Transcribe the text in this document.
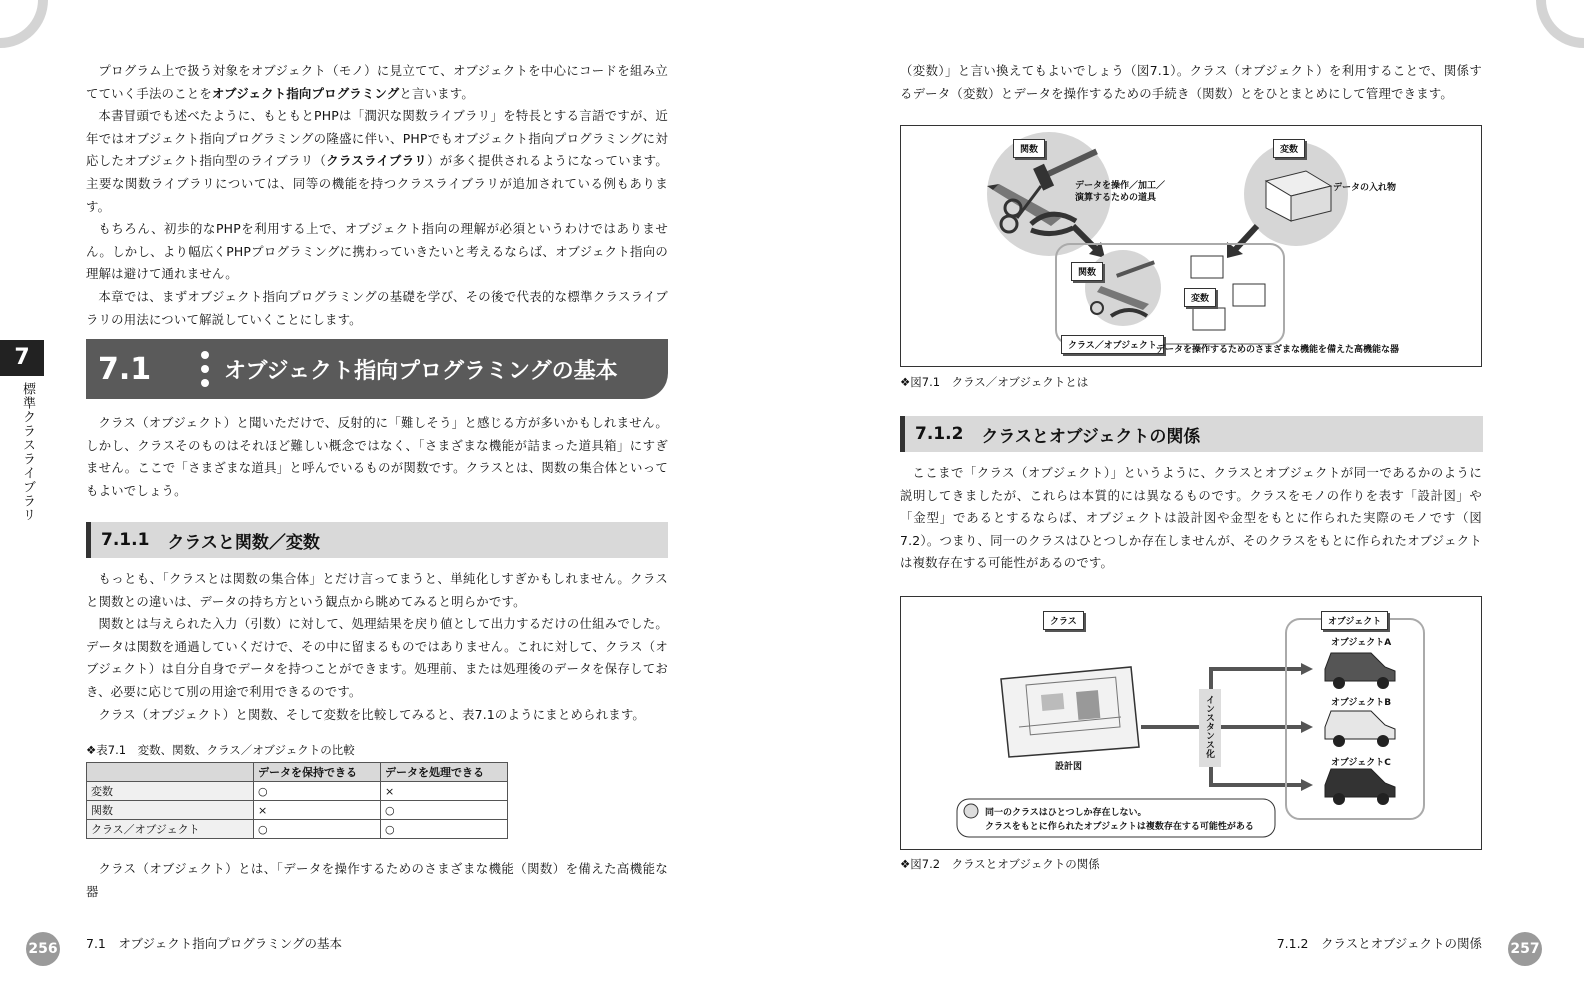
7
標準クラスライブラリ

プログラム上で扱う対象をオブジェクト（モノ）に見立てて、オブジェクトを中心にコードを組み立てていく手法のことをオブジェクト指向プログラミングと言います。

本書冒頭でも述べたように、もともとPHPは「潤沢な関数ライブラリ」を特長とする言語ですが、近年ではオブジェクト指向プログラミングの隆盛に伴い、PHPでもオブジェクト指向プログラミングに対応したオブジェクト指向型のライブラリ（クラスライブラリ）が多く提供されるようになっています。主要な関数ライブラリについては、同等の機能を持つクラスライブラリが追加されている例もあります。

もちろん、初歩的なPHPを利用する上で、オブジェクト指向の理解が必須というわけではありません。しかし、より幅広くPHPプログラミングに携わっていきたいと考えるならば、オブジェクト指向の理解は避けて通れません。

本章では、まずオブジェクト指向プログラミングの基礎を学び、その後で代表的な標準クラスライブラリの用法について解説していくことにします。

7.1	オブジェクト指向プログラミングの基本

クラス（オブジェクト）と聞いただけで、反射的に「難しそう」と感じる方が多いかもしれません。しかし、クラスそのものはそれほど難しい概念ではなく、「さまざまな機能が詰まった道具箱」にすぎません。ここで「さまざまな道具」と呼んでいるものが関数です。クラスとは、関数の集合体といってもよいでしょう。

7.1.1 クラスと関数／変数

もっとも、「クラスとは関数の集合体」とだけ言ってまうと、単純化しすぎかもしれません。クラスと関数との違いは、データの持ち方という観点から眺めてみると明らかです。

関数とは与えられた入力（引数）に対して、処理結果を戻り値として出力するだけの仕組みでした。データは関数を通過していくだけで、その中に留まるものではありません。これに対して、クラス（オブジェクト）は自分自身でデータを持つことができます。処理前、または処理後のデータを保存しておき、必要に応じて別の用途で利用できるのです。

クラス（オブジェクト）と関数、そして変数を比較してみると、表7.1のようにまとめられます。

❖表7.1　変数、関数、クラス／オブジェクトの比較
	データを保持できる	データを処理できる
変数	○	×
関数	×	○
クラス／オブジェクト	○	○

クラス（オブジェクト）とは、「データを操作するためのさまざまな機能（関数）を備えた高機能な器

256 7.1　オブジェクト指向プログラミングの基本

（変数）」と言い換えてもよいでしょう（図7.1）。クラス（オブジェクト）を利用することで、関係するデータ（変数）とデータを操作するための手続き（関数）とをひとまとめにして管理できます。

関数	変数
データを操作／加工／
演算するための道具
データの入れ物
関数
変数
クラス／オブジェクト データを操作するためのさまざまな機能を備えた高機能な器
❖図7.1　クラス／オブジェクトとは
7.1.2 クラスとオブジェクトの関係

ここまで「クラス（オブジェクト）」というように、クラスとオブジェクトが同一であるかのように説明してきましたが、これらは本質的には異なるものです。クラスをモノの作りを表す「設計図」や「金型」であるとするならば、オブジェクトは設計図や金型をもとに作られた実際のモノです（図7.2）。つまり、同一のクラスはひとつしか存在しませんが、そのクラスをもとに作られたオブジェクトは複数存在する可能性があるのです。

クラス	オブジェクト
オブジェクトA
オブジェクトB
オブジェクトC
設計図
インスタンス化
同一のクラスはひとつしか存在しない。
クラスをもとに作られたオブジェクトは複数存在する可能性がある
❖図7.2　クラスとオブジェクトの関係
7.1.2　クラスとオブジェクトの関係 257
